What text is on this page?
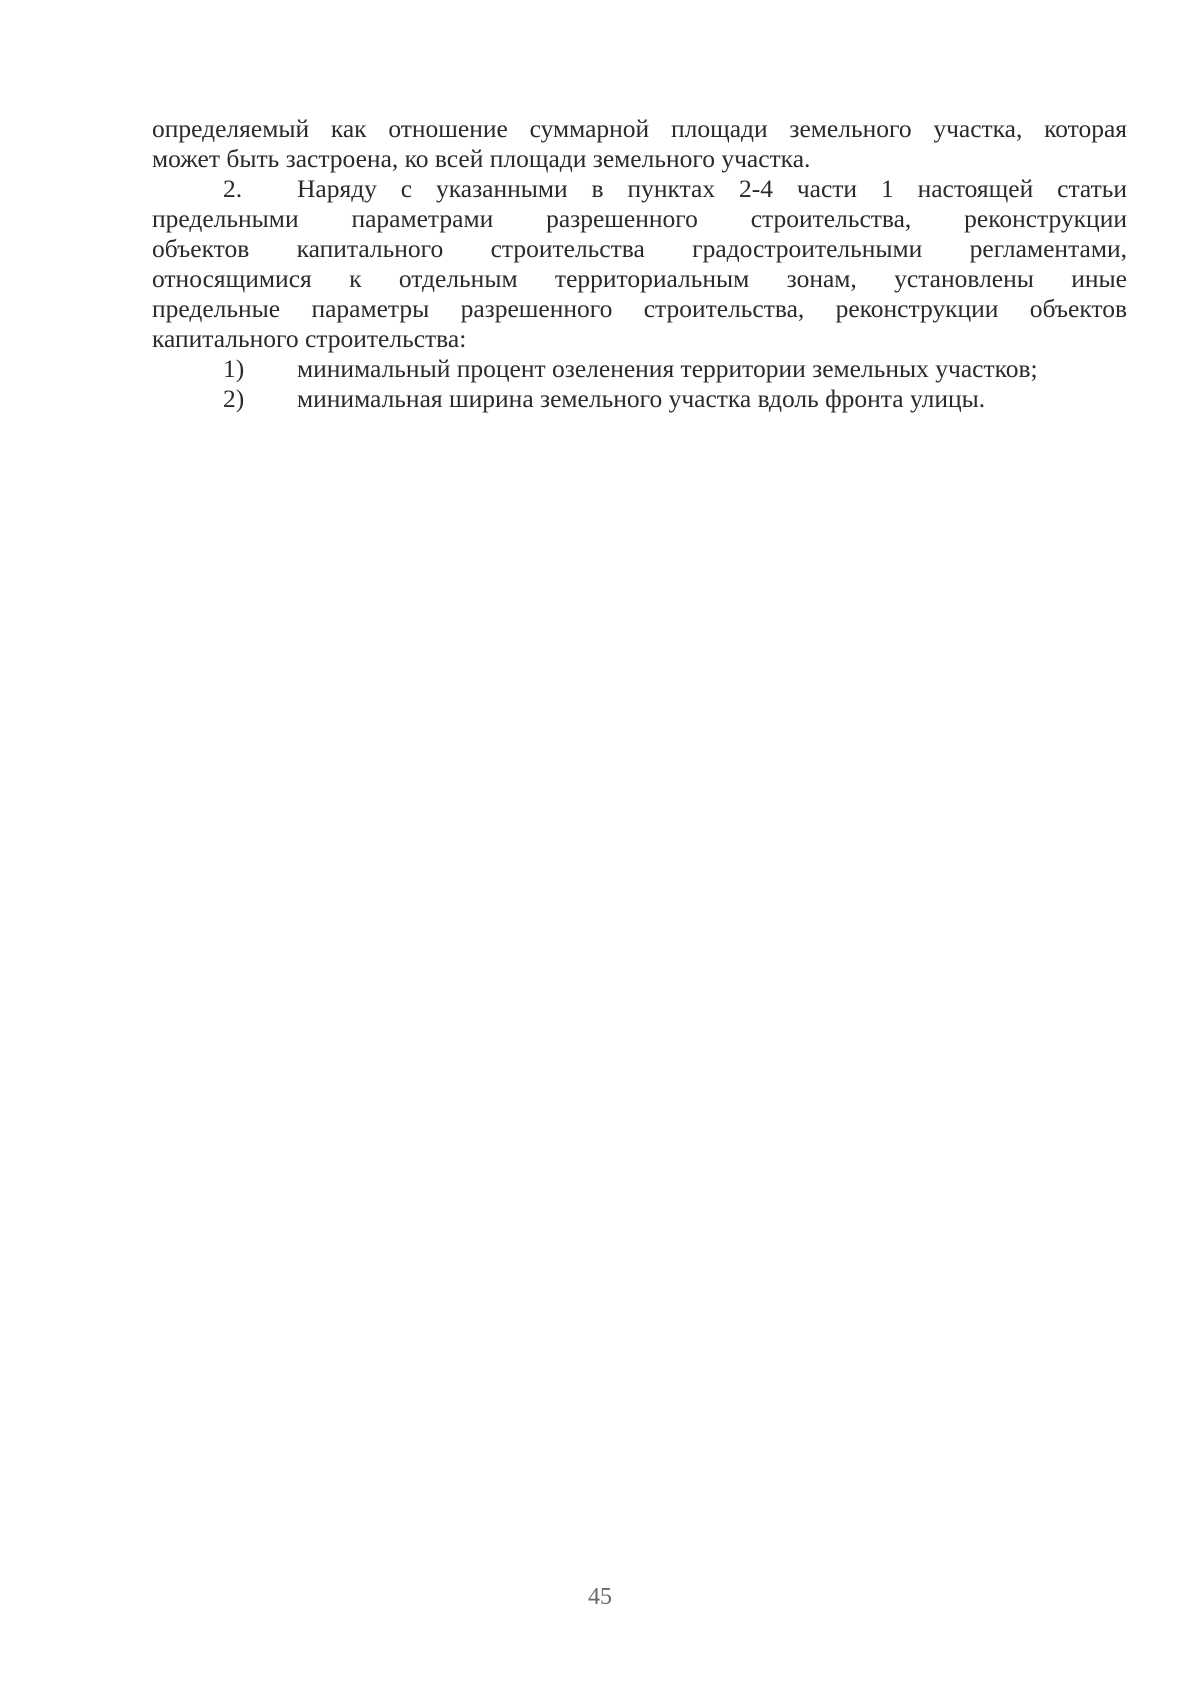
определяемый как отношение суммарной площади земельного участка, которая
может быть застроена, ко всей площади земельного участка.
2. Наряду с указанными в пунктах 2-4 части 1 настоящей статьи
предельными параметрами разрешенного строительства, реконструкции
объектов капитального строительства градостроительными регламентами,
относящимися к отдельным территориальным зонам, установлены иные
предельные параметры разрешенного строительства, реконструкции объектов
капитального строительства:
1) минимальный процент озеленения территории земельных участков;
2) минимальная ширина земельного участка вдоль фронта улицы.
45
